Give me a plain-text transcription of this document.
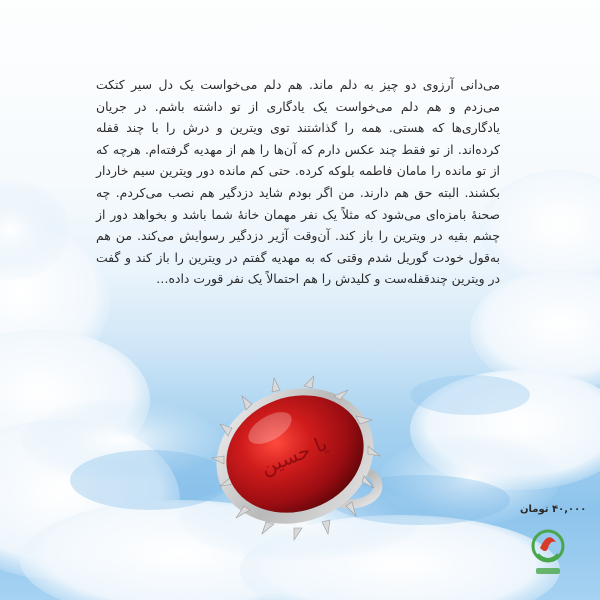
می‌دانی آرزوی دو چیز به دلم ماند. هم دلم می‌خواست یک دل سیر کتکت می‌زدم و هم دلم می‌خواست یک یادگاری از تو داشته باشم. در جریان یادگاری‌ها که هستی. همه را گذاشتند توی ویترین و درش را با چند قفله کرده‌اند. از تو فقط چند عکس دارم که آن‌ها را هم از مهدیه گرفته‌ام. هرچه که از تو مانده را مامان فاطمه بلوکه کرده. حتی کم مانده دور ویترین سیم خاردار بکشند. البته حق هم دارند. من اگر بودم شاید دزدگیر هم نصب می‌کردم. چه صحنهٔ بامزه‌ای می‌شود که مثلاً یک نفر مهمان خانهٔ شما باشد و بخواهد دور از چشم بقیه در ویترین را باز کند. آن‌وقت آژیر دزدگیر رسوایش می‌کند. من هم به‌قول خودت گوریل شدم وقتی که به مهدیه گفتم در ویترین را باز کند و گفت در ویترین چندقفله‌ست و کلیدش را هم احتمالاً یک نفر قورت داده…
یا حسین
۴۰,۰۰۰ تومان
